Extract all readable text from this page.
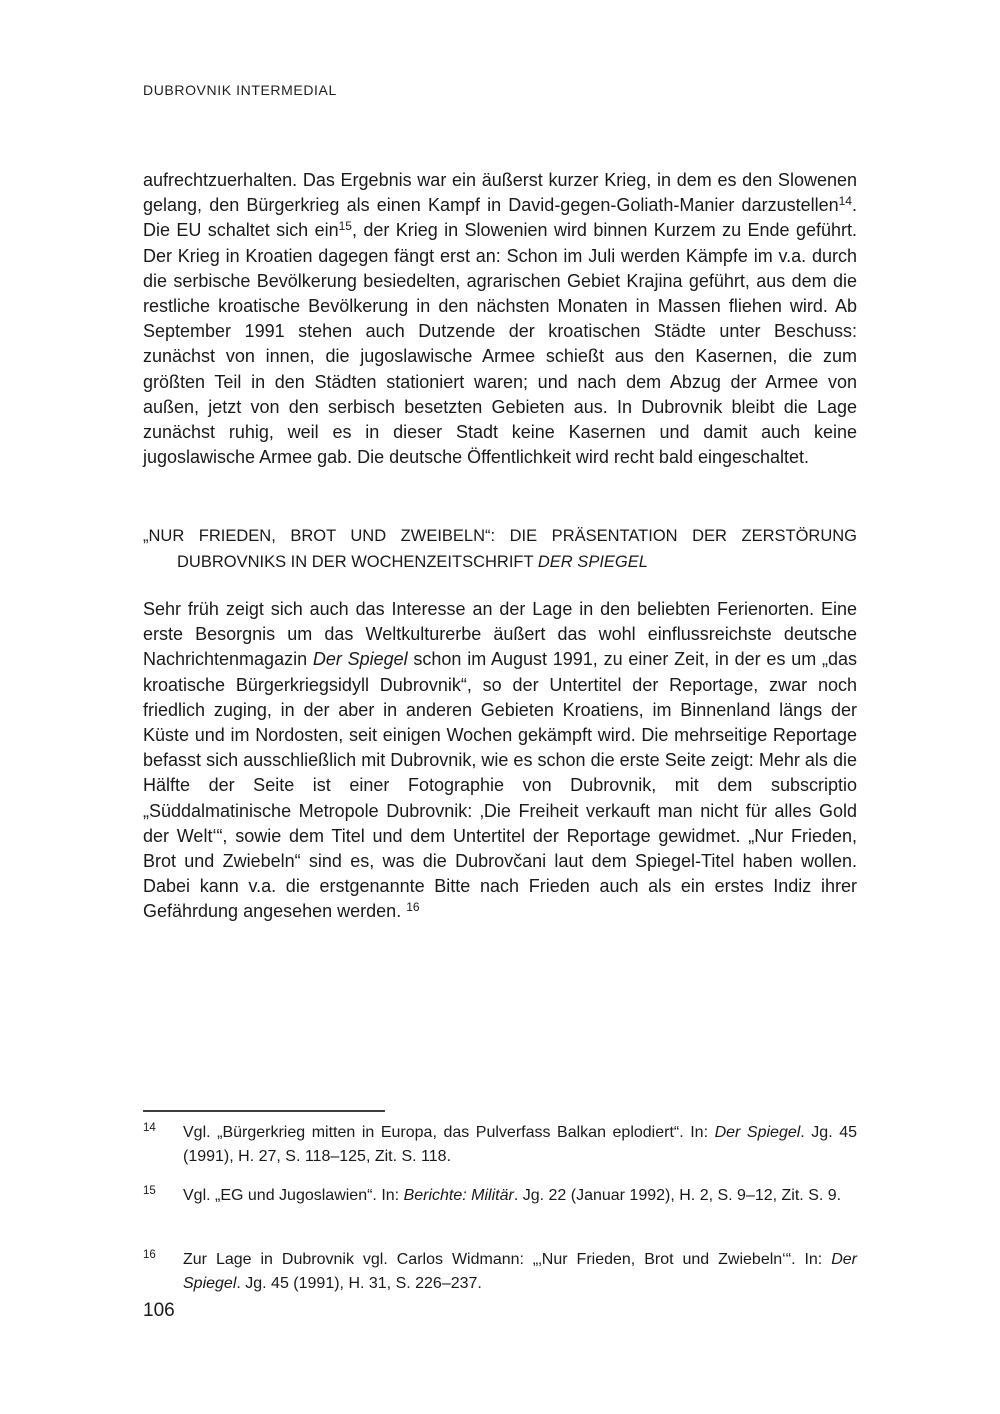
DUBROVNIK INTERMEDIAL

aufrechtzuerhalten. Das Ergebnis war ein äußerst kurzer Krieg, in dem es den Slowenen gelang, den Bürgerkrieg als einen Kampf in David-gegen-Goliath-Manier darzustellen$^{14}$. Die EU schaltet sich ein$^{15}$, der Krieg in Slowenien wird binnen Kurzem zu Ende geführt. Der Krieg in Kroatien dagegen fängt erst an: Schon im Juli werden Kämpfe im v.a. durch die serbische Bevölkerung besiedelten, agrarischen Gebiet Krajina geführt, aus dem die restliche kroatische Bevölkerung in den nächsten Monaten in Massen fliehen wird. Ab September 1991 stehen auch Dutzende der kroatischen Städte unter Beschuss: zunächst von innen, die jugoslawische Armee schießt aus den Kasernen, die zum größten Teil in den Städten stationiert waren; und nach dem Abzug der Armee von außen, jetzt von den serbisch besetzten Gebieten aus. In Dubrovnik bleibt die Lage zunächst ruhig, weil es in dieser Stadt keine Kasernen und damit auch keine jugoslawische Armee gab. Die deutsche Öffentlichkeit wird recht bald eingeschaltet.

„NUR FRIEDEN, BROT UND ZWEIBELN“: DIE PRÄSENTATION DER ZERSTÖRUNG
DUBROVNIKS IN DER WOCHENZEITSCHRIFT DER SPIEGEL

Sehr früh zeigt sich auch das Interesse an der Lage in den beliebten Ferienorten. Eine erste Besorgnis um das Weltkulturerbe äußert das wohl einflussreichste deutsche Nachrichtenmagazin Der Spiegel schon im August 1991, zu einer Zeit, in der es um „das kroatische Bürgerkriegsidyll Dubrovnik“, so der Untertitel der Reportage, zwar noch friedlich zuging, in der aber in anderen Gebieten Kroatiens, im Binnenland längs der Küste und im Nordosten, seit einigen Wochen gekämpft wird. Die mehrseitige Reportage befasst sich ausschließlich mit Dubrovnik, wie es schon die erste Seite zeigt: Mehr als die Hälfte der Seite ist einer Fotographie von Dubrovnik, mit dem subscriptio „Süddalmatinische Metropole Dubrovnik: ‚Die Freiheit verkauft man nicht für alles Gold der Welt‘“, sowie dem Titel und dem Untertitel der Reportage gewidmet. „Nur Frieden, Brot und Zwiebeln“ sind es, was die Dubrovčani laut dem Spiegel-Titel haben wollen. Dabei kann v.a. die erstgenannte Bitte nach Frieden auch als ein erstes Indiz ihrer Gefährdung angesehen werden. $^{16}$

14	Vgl. „Bürgerkrieg mitten in Europa, das Pulverfass Balkan eplodiert“. In: Der Spiegel. Jg. 45 (1991), H. 27, S. 118–125, Zit. S. 118.
15	Vgl. „EG und Jugoslawien“. In: Berichte: Militär. Jg. 22 (Januar 1992), H. 2, S. 9–12, Zit. S. 9.
16	Zur Lage in Dubrovnik vgl. Carlos Widmann: „‚Nur Frieden, Brot und Zwiebeln‘“. In: Der Spiegel. Jg. 45 (1991), H. 31, S. 226–237.
106
